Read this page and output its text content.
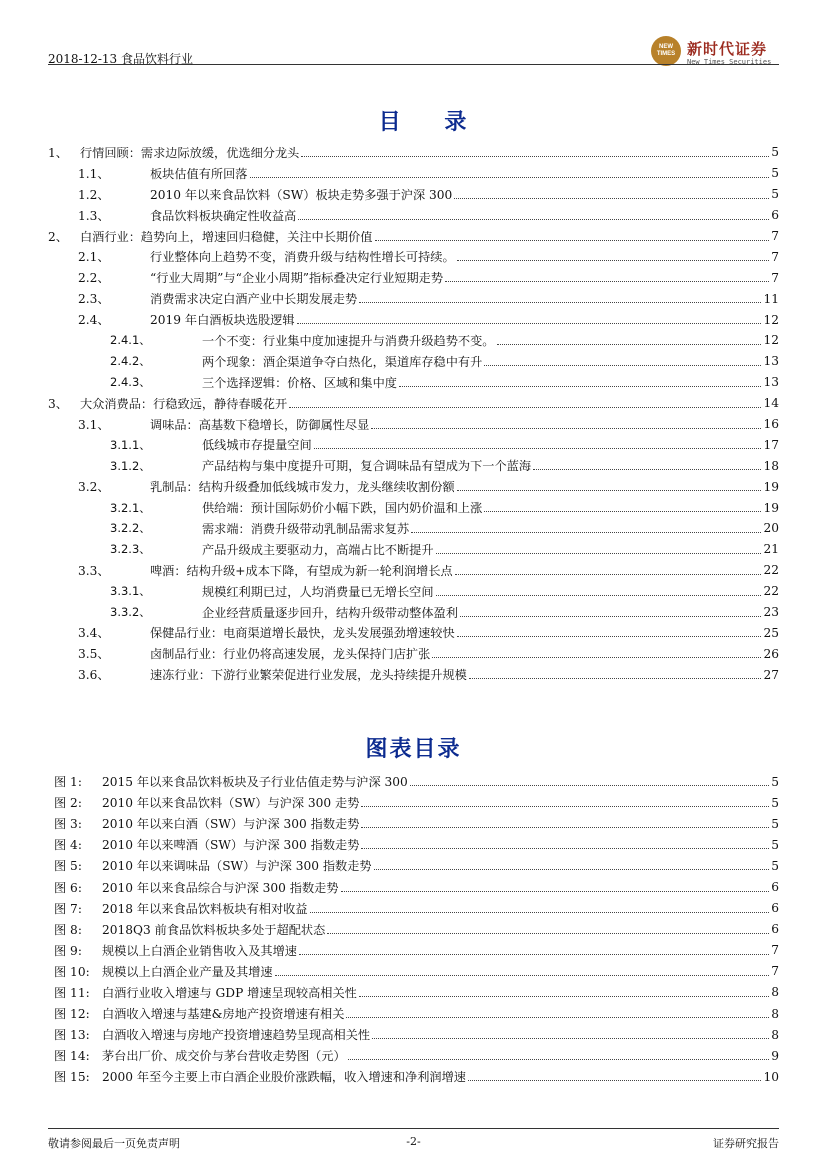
2018-12-13 食品饮料行业
NEW TIMES 新时代证券
New Times Securities
目 录
1、 行情回顾：需求边际放缓，优选细分龙头	5
1.1、	板块估值有所回落	5
1.2、	2010 年以来食品饮料（SW）板块走势多强于沪深 300	5
1.3、	食品饮料板块确定性收益高	6
2、 白酒行业：趋势向上，增速回归稳健，关注中长期价值	7
2.1、	行业整体向上趋势不变，消费升级与结构性增长可持续。	7
2.2、	“行业大周期”与“企业小周期”指标叠决定行业短期走势	7
2.3、	消费需求决定白酒产业中长期发展走势	11
2.4、	2019 年白酒板块选股逻辑	12
2.4.1、	一个不变：行业集中度加速提升与消费升级趋势不变。	12
2.4.2、	两个现象：酒企渠道争夺白热化，渠道库存稳中有升	13
2.4.3、	三个选择逻辑：价格、区域和集中度	13
3、 大众消费品：行稳致远，静待春暖花开	14
3.1、	调味品：高基数下稳增长，防御属性尽显	16
3.1.1、	低线城市存提量空间	17
3.1.2、	产品结构与集中度提升可期，复合调味品有望成为下一个蓝海	18
3.2、	乳制品：结构升级叠加低线城市发力，龙头继续收割份额	19
3.2.1、	供给端：预计国际奶价小幅下跌，国内奶价温和上涨	19
3.2.2、	需求端：消费升级带动乳制品需求复苏	20
3.2.3、	产品升级成主要驱动力，高端占比不断提升	21
3.3、	啤酒：结构升级+成本下降，有望成为新一轮利润增长点	22
3.3.1、	规模红利期已过，人均消费量已无增长空间	22
3.3.2、	企业经营质量逐步回升，结构升级带动整体盈利	23
3.4、	保健品行业：电商渠道增长最快，龙头发展强劲增速较快	25
3.5、	卤制品行业：行业仍将高速发展，龙头保持门店扩张	26
3.6、	速冻行业：下游行业繁荣促进行业发展，龙头持续提升规模	27
图表目录
图 1:	2015 年以来食品饮料板块及子行业估值走势与沪深 300	5
图 2:	2010 年以来食品饮料（SW）与沪深 300 走势	5
图 3:	2010 年以来白酒（SW）与沪深 300 指数走势	5
图 4:	2010 年以来啤酒（SW）与沪深 300 指数走势	5
图 5:	2010 年以来调味品（SW）与沪深 300 指数走势	5
图 6:	2010 年以来食品综合与沪深 300 指数走势	6
图 7:	2018 年以来食品饮料板块有相对收益	6
图 8:	2018Q3 前食品饮料板块多处于超配状态	6
图 9:	规模以上白酒企业销售收入及其增速	7
图 10:	规模以上白酒企业产量及其增速	7
图 11:	白酒行业收入增速与 GDP 增速呈现较高相关性	8
图 12:	白酒收入增速与基建&房地产投资增速有相关	8
图 13:	白酒收入增速与房地产投资增速趋势呈现高相关性	8
图 14:	茅台出厂价、成交价与茅台营收走势图（元）	9
图 15:	2000 年至今主要上市白酒企业股价涨跌幅，收入增速和净利润增速	10
敬请参阅最后一页免责声明	-2-	证券研究报告
